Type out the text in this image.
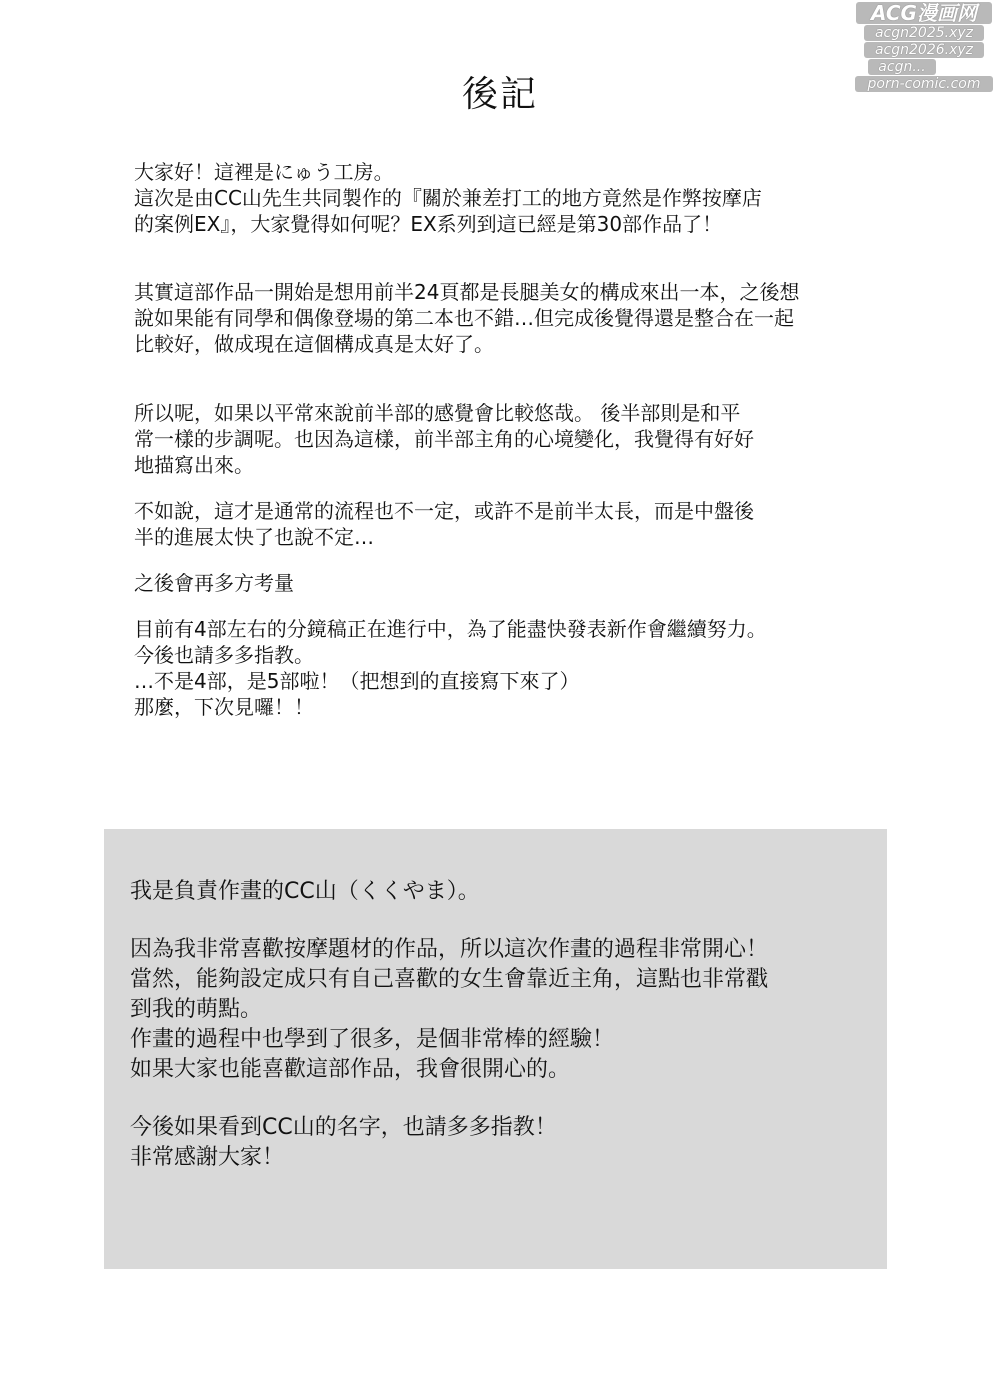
ACG漫画网
acgn2025.xyz
acgn2026.xyz
acgn...
porn-comic.com
後記

大家好！這裡是にゅう工房。
這次是由CC山先生共同製作的『關於兼差打工的地方竟然是作弊按摩店
的案例EX』，大家覺得如何呢？EX系列到這已經是第30部作品了！

其實這部作品一開始是想用前半24頁都是長腿美女的構成來出一本，之後想
說如果能有同學和偶像登場的第二本也不錯…但完成後覺得還是整合在一起
比較好，做成現在這個構成真是太好了。

所以呢，如果以平常來說前半部的感覺會比較悠哉。 後半部則是和平
常一樣的步調呢。也因為這樣，前半部主角的心境變化，我覺得有好好
地描寫出來。

不如說，這才是通常的流程也不一定，或許不是前半太長，而是中盤後
半的進展太快了也說不定…

之後會再多方考量

目前有4部左右的分鏡稿正在進行中，為了能盡快發表新作會繼續努力。
今後也請多多指教。
…不是4部，是5部啦！（把想到的直接寫下來了）
那麼，下次見囉！！

我是負責作畫的CC山（くくやま）。

因為我非常喜歡按摩題材的作品，所以這次作畫的過程非常開心！
當然，能夠設定成只有自己喜歡的女生會靠近主角，這點也非常戳
到我的萌點。
作畫的過程中也學到了很多，是個非常棒的經驗！
如果大家也能喜歡這部作品，我會很開心的。

今後如果看到CC山的名字，也請多多指教！
非常感謝大家！
